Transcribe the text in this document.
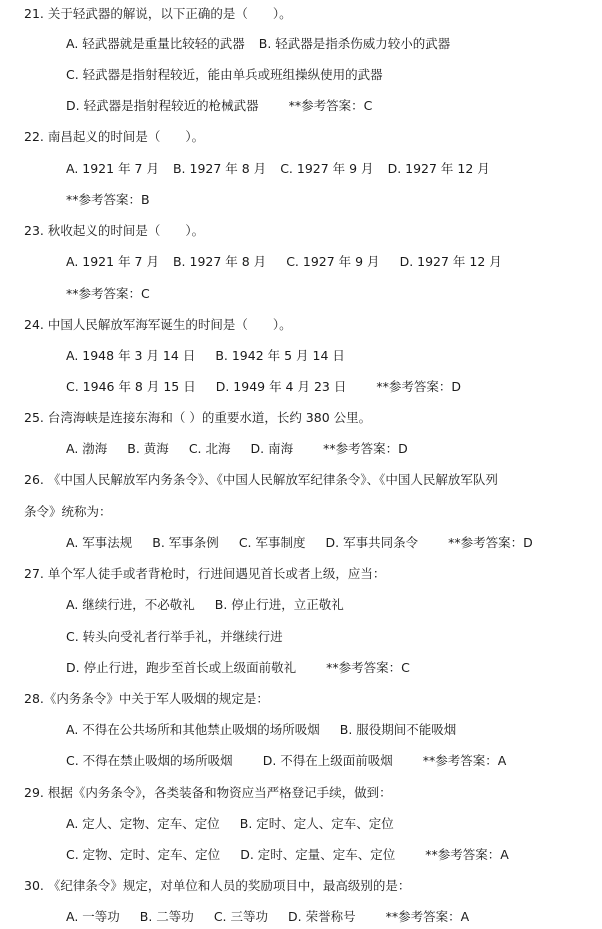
21. 关于轻武器的解说，以下正确的是（　　）。
A. 轻武器就是重量比较轻的武器 B. 轻武器是指杀伤威力较小的武器
C. 轻武器是指射程较近，能由单兵或班组操纵使用的武器
D. 轻武器是指射程较近的枪械武器 **参考答案：C
22. 南昌起义的时间是（　　）。
A. 1921 年 7 月 B. 1927 年 8 月 C. 1927 年 9 月 D. 1927 年 12 月
**参考答案：B
23. 秋收起义的时间是（　　）。
A. 1921 年 7 月 B. 1927 年 8 月 C. 1927 年 9 月 D. 1927 年 12 月
**参考答案：C
24. 中国人民解放军海军诞生的时间是（　　）。
A. 1948 年 3 月 14 日 B. 1942 年 5 月 14 日
C. 1946 年 8 月 15 日 D. 1949 年 4 月 23 日 **参考答案：D
25. 台湾海峡是连接东海和（ ）的重要水道，长约 380 公里。
A. 渤海 B. 黄海 C. 北海 D. 南海 **参考答案：D
26. 《中国人民解放军内务条令》、《中国人民解放军纪律条令》、《中国人民解放军队列
条令》统称为：
A. 军事法规 B. 军事条例 C. 军事制度 D. 军事共同条令 **参考答案：D
27. 单个军人徒手或者背枪时，行进间遇见首长或者上级，应当：
A. 继续行进，不必敬礼 B. 停止行进，立正敬礼
C. 转头向受礼者行举手礼，并继续行进
D. 停止行进，跑步至首长或上级面前敬礼 **参考答案：C
28.《内务条令》中关于军人吸烟的规定是：
A. 不得在公共场所和其他禁止吸烟的场所吸烟 B. 服役期间不能吸烟
C. 不得在禁止吸烟的场所吸烟 D. 不得在上级面前吸烟 **参考答案：A
29. 根据《内务条令》，各类装备和物资应当严格登记手续，做到：
A. 定人、定物、定车、定位 B. 定时、定人、定车、定位
C. 定物、定时、定车、定位 D. 定时、定量、定车、定位 **参考答案：A
30. 《纪律条令》规定，对单位和人员的奖励项目中，最高级别的是：
A. 一等功 B. 二等功 C. 三等功 D. 荣誉称号 **参考答案：A
